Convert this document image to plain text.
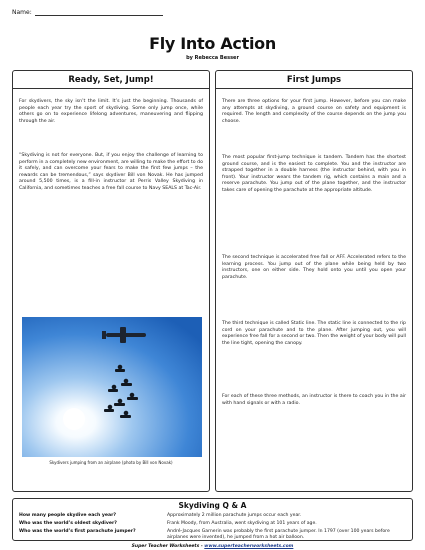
Name:
Fly Into Action
by Rebecca Besser
Ready, Set, Jump!
For skydivers, the sky isn’t the limit. It’s just the beginning. Thousands of people each year try the sport of skydiving. Some only jump once, while others go on to experience lifelong adventures, maneuvering and flipping through the air.
“Skydiving is not for everyone. But, if you enjoy the challenge of learning to perform in a completely new environment, are willing to make the effort to do it safely, and can overcome your fears to make the first few jumps – the rewards can be tremendous,” says skydiver Bill von Novak. He has jumped around 5,500 times, is a fill-in instructor at Perris Valley Skydiving in California, and sometimes teaches a free fall course to Navy SEALS at Tac-Air.
Skydivers jumping from an airplane (photo by Bill von Novak)
First Jumps
There are three options for your first jump. However, before you can make any attempts at skydiving, a ground course on safety and equipment is required. The length and complexity of the course depends on the jump you choose.
The most popular first-jump technique is tandem. Tandem has the shortest ground course, and is the easiest to complete. You and the instructor are strapped together in a double harness (the instructor behind, with you in front). Your instructor wears the tandem rig, which contains a main and a reserve parachute. You jump out of the plane together, and the instructor takes care of opening the parachute at the appropriate altitude.
The second technique is accelerated free fall or AFF. Accelerated refers to the learning process. You jump out of the plane while being held by two instructors, one on either side. They hold onto you until you open your parachute.
The third technique is called Static line. The static line is connected to the rip cord on your parachute and to the plane. After jumping out, you will experience free fall for a second or two. Then the weight of your body will pull the line tight, opening the canopy.
For each of these three methods, an instructor is there to coach you in the air with hand signals or with a radio.
Skydiving Q & A
How many people skydive each year?	Approximately 2 million parachute jumps occur each year.
Who was the world’s oldest skydiver?	Frank Moody, from Australia, went skydiving at 101 years of age.
Who was the world’s first parachute jumper?	André-Jacques Garnerin was probably the first parachute jumper. In 1797 (over 100 years before airplanes were invented), he jumped from a hot air balloon.
Super Teacher Worksheets - www.superteacherworksheets.com
